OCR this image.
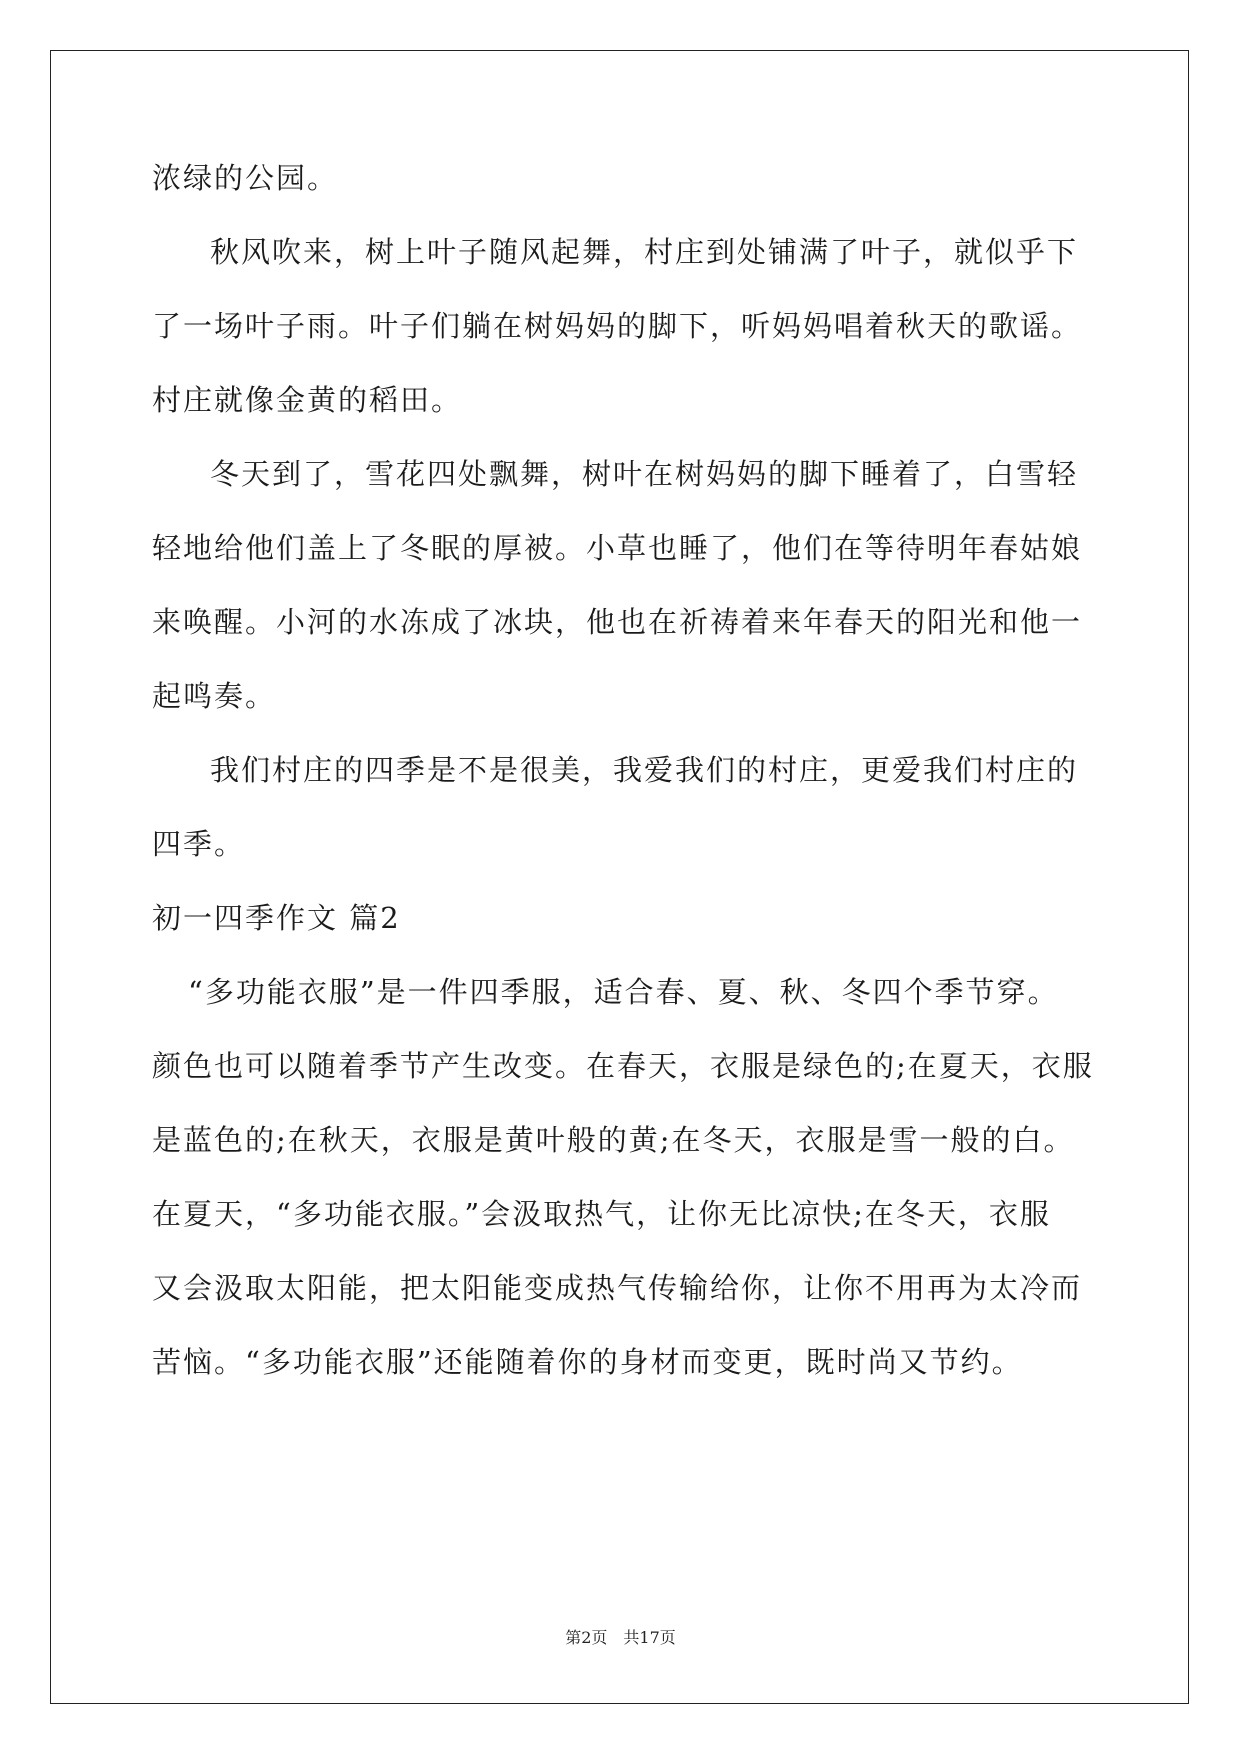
浓绿的公园。
秋风吹来，树上叶子随风起舞，村庄到处铺满了叶子，就似乎下
了一场叶子雨。叶子们躺在树妈妈的脚下，听妈妈唱着秋天的歌谣。
村庄就像金黄的稻田。
冬天到了，雪花四处飘舞，树叶在树妈妈的脚下睡着了，白雪轻
轻地给他们盖上了冬眠的厚被。小草也睡了，他们在等待明年春姑娘
来唤醒。小河的水冻成了冰块，他也在祈祷着来年春天的阳光和他一
起鸣奏。
我们村庄的四季是不是很美，我爱我们的村庄，更爱我们村庄的
四季。
初一四季作文 篇2
“多功能衣服”是一件四季服，适合春、夏、秋、冬四个季节穿。
颜色也可以随着季节产生改变。在春天，衣服是绿色的;在夏天，衣服
是蓝色的;在秋天，衣服是黄叶般的黄;在冬天，衣服是雪一般的白。
在夏天，“多功能衣服。”会汲取热气，让你无比凉快;在冬天，衣服
又会汲取太阳能，把太阳能变成热气传输给你，让你不用再为太冷而
苦恼。“多功能衣服”还能随着你的身材而变更，既时尚又节约。
第2页　共17页
